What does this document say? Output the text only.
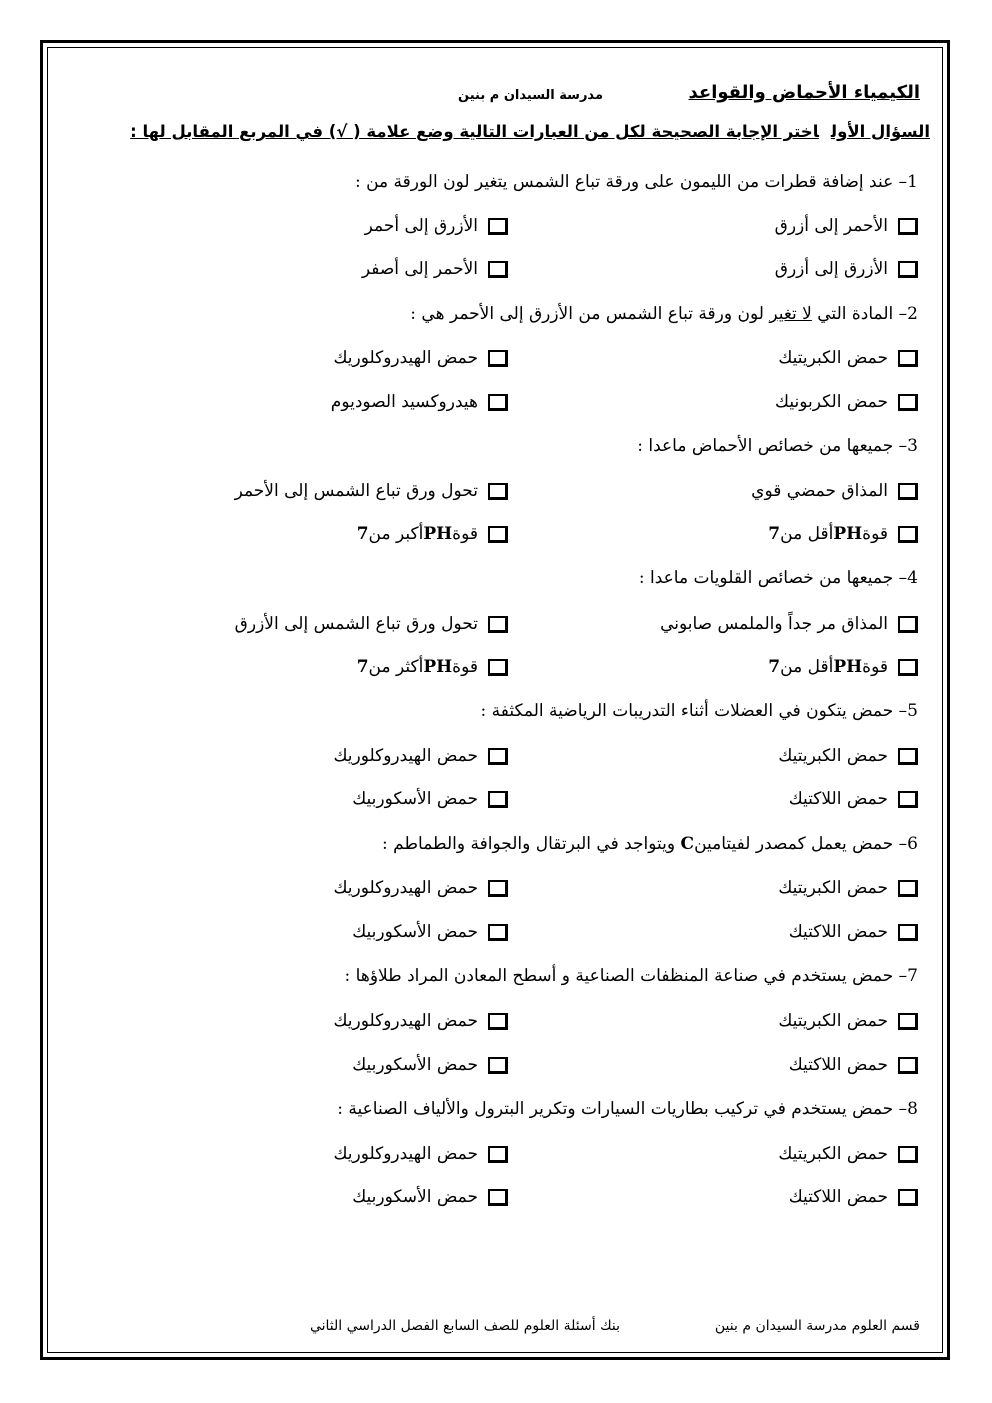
الكيمياء الأحماض والقواعد
مدرسة السيدان م بنين
السؤال الأولاختر الإجابة الصحيحة لكل من العبارات التالية وضع علامة ( √) في المربع المقابل لها :
1– عند إضافة قطرات من الليمون على ورقة تباع الشمس يتغير لون الورقة من :
الأحمر إلى أزرق
الأزرق إلى أحمر
الأزرق إلى أزرق
الأحمر إلى أصفر
2– المادة التي لا تغير لون ورقة تباع الشمس من الأزرق إلى الأحمر هي :
حمض الكبريتيك
حمض الهيدروكلوريك
حمض الكربونيك
هيدروكسيد الصوديوم
3– جميعها من خصائص الأحماض ماعدا :
المذاق حمضي قوي
تحول ورق تباع الشمس إلى الأحمر
قوة
PH
أقل من
7
قوة
PH
أكبر من
7
4– جميعها من خصائص القلويات ماعدا :
المذاق مر جداً والملمس صابوني
تحول ورق تباع الشمس إلى الأزرق
قوة
PH
أقل من
7
قوة
PH
أكثر من
7
5– حمض يتكون في العضلات أثناء التدريبات الرياضية المكثفة :
حمض الكبريتيك
حمض الهيدروكلوريك
حمض اللاكتيك
حمض الأسكوربيك
6– حمض يعمل كمصدر لفيتامينC ويتواجد في البرتقال والجوافة والطماطم :
حمض الكبريتيك
حمض الهيدروكلوريك
حمض اللاكتيك
حمض الأسكوربيك
7– حمض يستخدم في صناعة المنظفات الصناعية و أسطح المعادن المراد طلاؤها :
حمض الكبريتيك
حمض الهيدروكلوريك
حمض اللاكتيك
حمض الأسكوربيك
8– حمض يستخدم في تركيب بطاريات السيارات وتكرير البترول والألياف الصناعية :
حمض الكبريتيك
حمض الهيدروكلوريك
حمض اللاكتيك
حمض الأسكوربيك
قسم العلوم مدرسة السيدان م بنين
بنك أسئلة العلوم للصف السابع الفصل الدراسي الثاني
